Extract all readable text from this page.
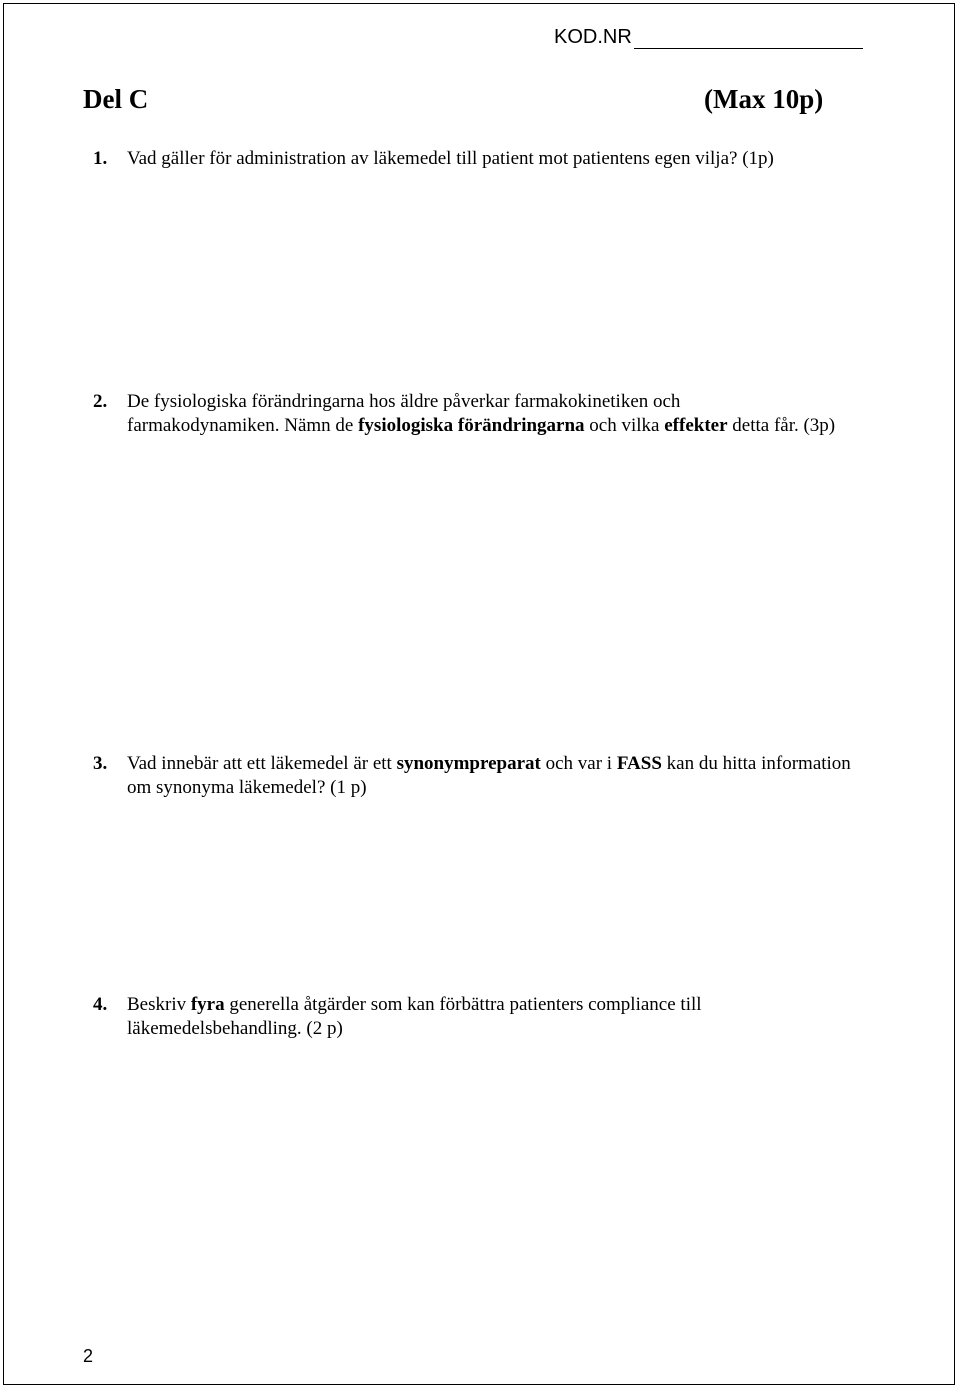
KOD.NR
Del C	(Max 10p)
1. Vad gäller för administration av läkemedel till patient mot patientens egen vilja? (1p)
2. De fysiologiska förändringarna hos äldre påverkar farmakokinetiken och farmakodynamiken. Nämn de fysiologiska förändringarna och vilka effekter detta får. (3p)
3. Vad innebär att ett läkemedel är ett synonympreparat och var i FASS kan du hitta information om synonyma läkemedel? (1 p)
4. Beskriv fyra generella åtgärder som kan förbättra patienters compliance till läkemedelsbehandling. (2 p)
2
